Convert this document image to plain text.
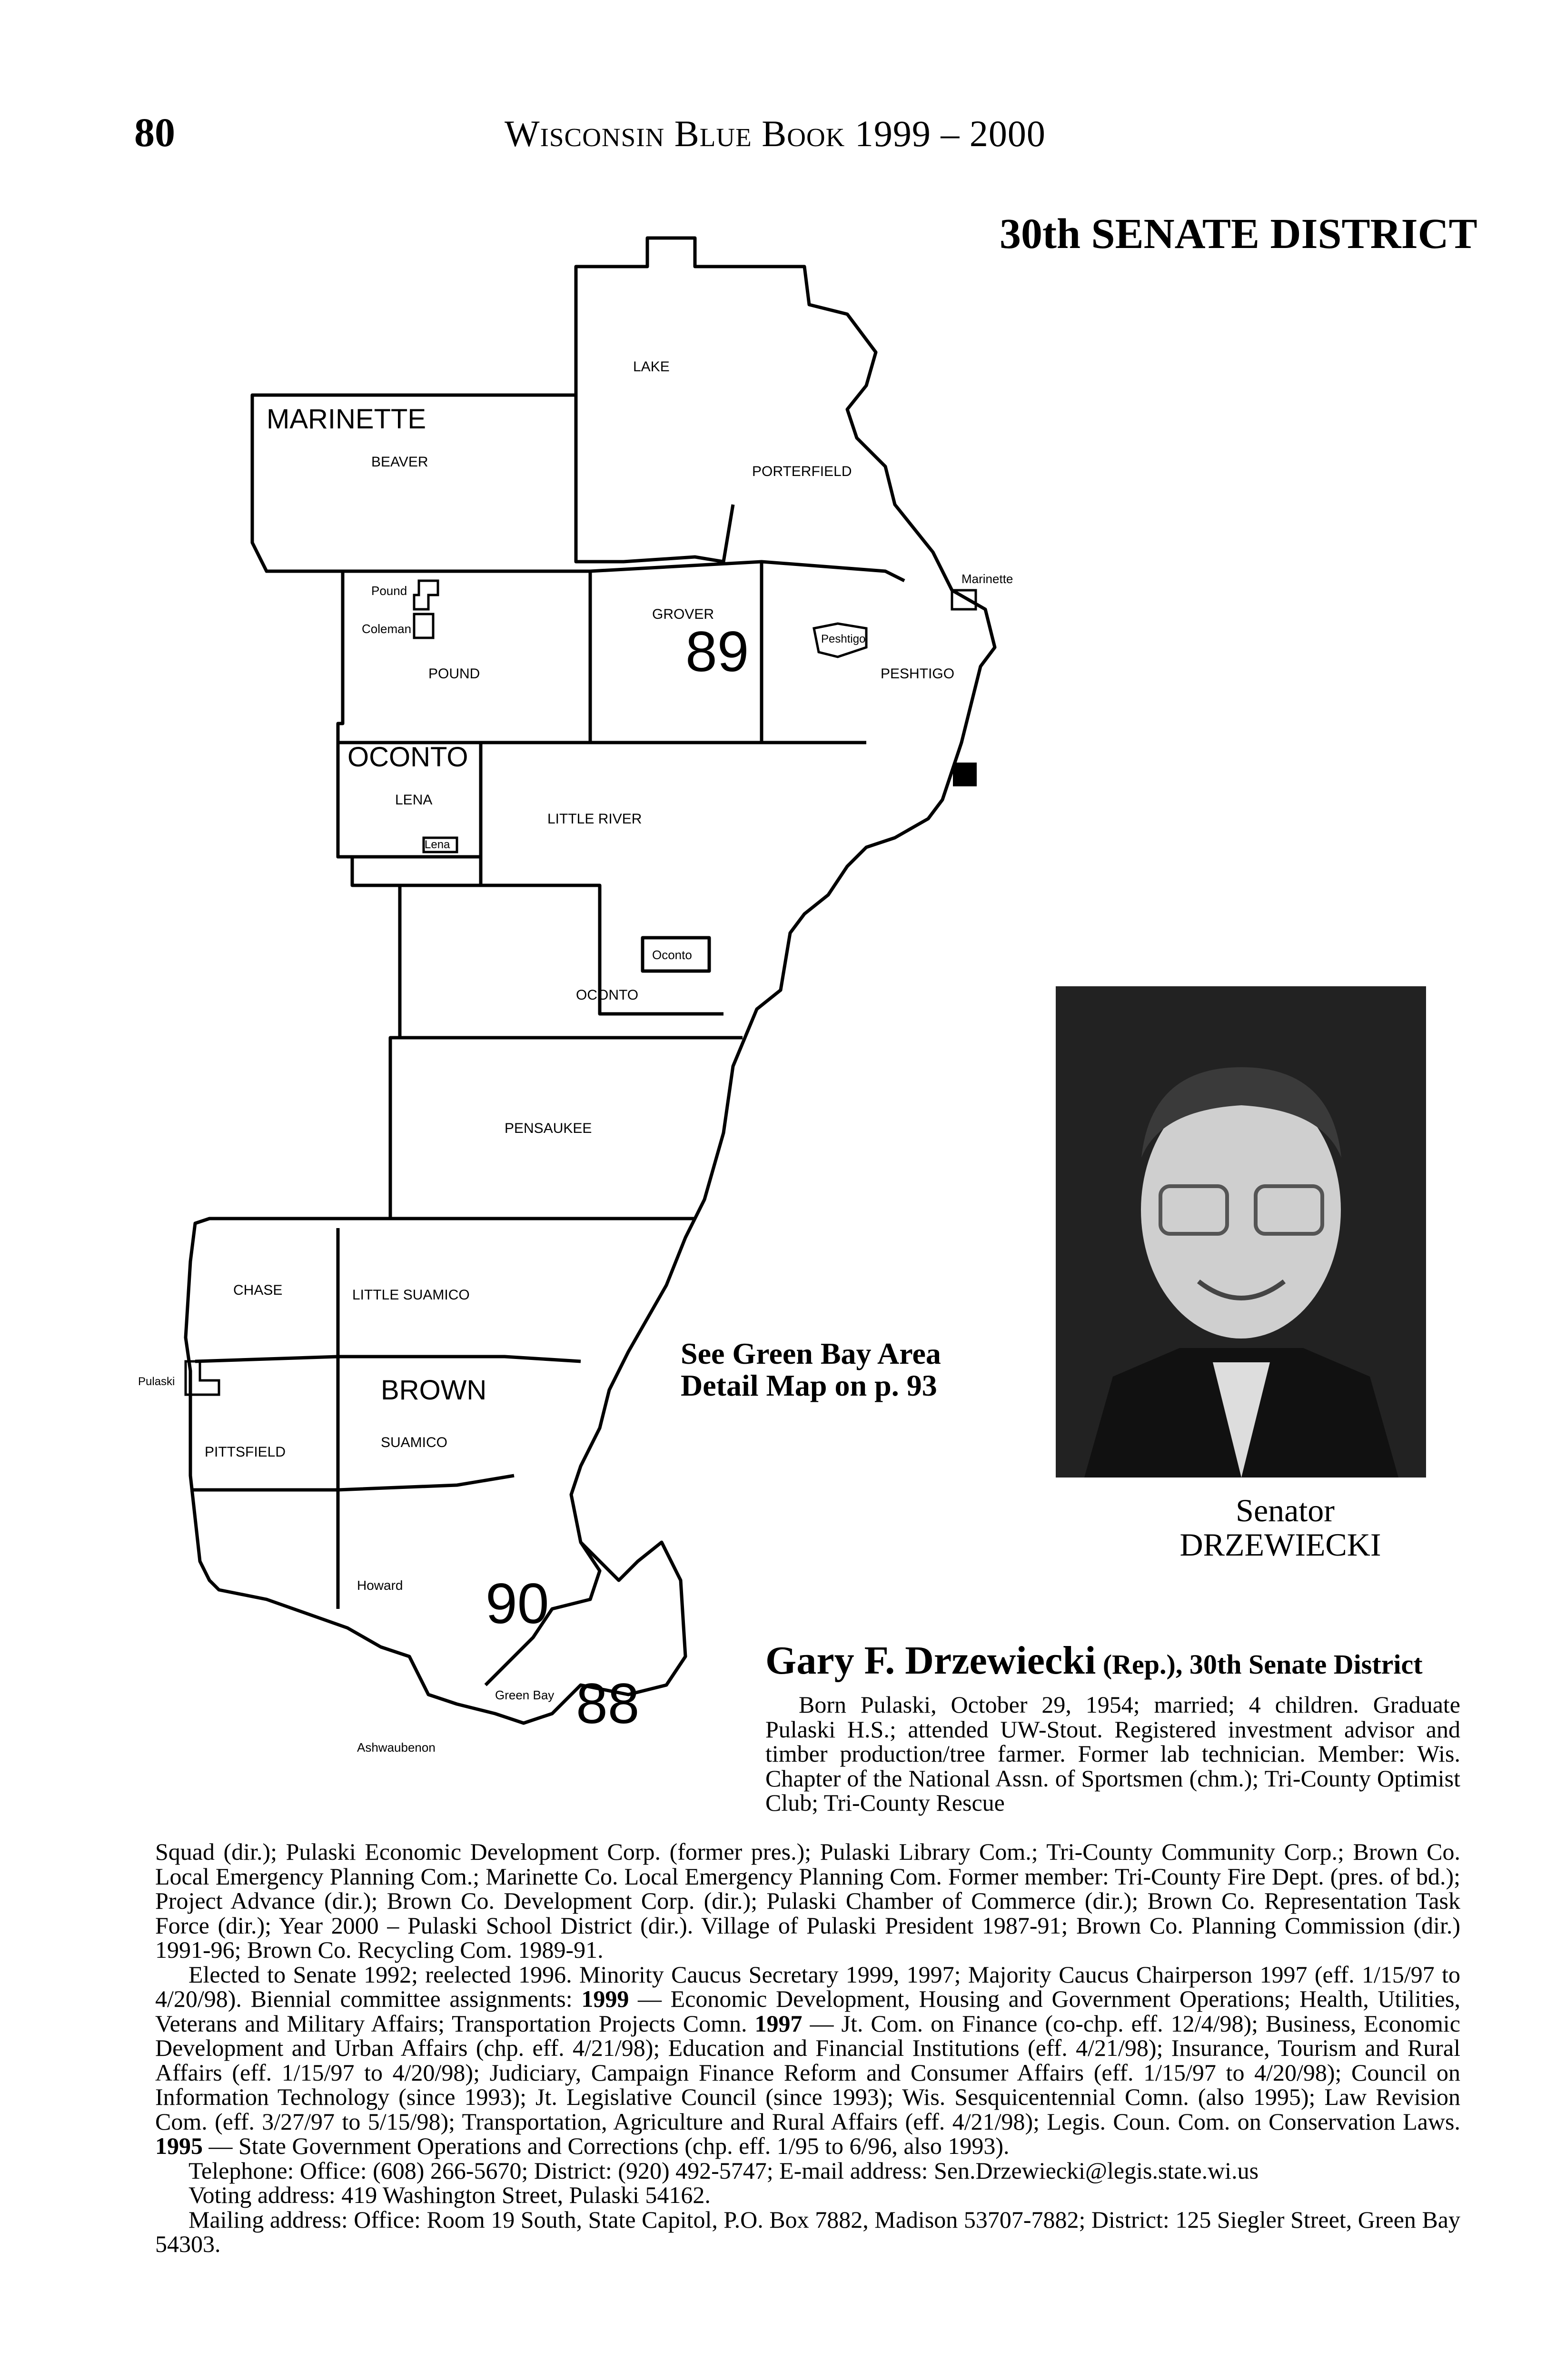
80	Wisconsin Blue Book 1999 – 2000
30th SENATE DISTRICT
MARINETTE
OCONTO
BROWN
LAKE
BEAVER
PORTERFIELD
GROVER
POUND	PESHTIGO
LENA
LITTLE RIVER
OCONTO
PENSAUKEE
CHASE	LITTLE SUAMICO
PITTSFIELD
SUAMICO
Pound
Coleman
Peshtigo
Marinette
Lena
Oconto
Pulaski
Howard
Green Bay
Ashwaubenon
89
90
88
See Green Bay Area
Detail Map on p. 93
Senator
DRZEWIECKI
Gary F. Drzewiecki (Rep.), 30th Senate District

Born Pulaski, October 29, 1954; married; 4 children. Graduate Pulaski H.S.; attended UW-Stout. Registered investment advisor and timber production/tree farmer. Former lab technician. Member: Wis. Chapter of the National Assn. of Sportsmen (chm.); Tri-County Optimist Club; Tri-County Rescue

Squad (dir.); Pulaski Economic Development Corp. (former pres.); Pulaski Library Com.; Tri-County Community Corp.; Brown Co. Local Emergency Planning Com.; Marinette Co. Local Emergency Planning Com. Former member: Tri-County Fire Dept. (pres. of bd.); Project Advance (dir.); Brown Co. Development Corp. (dir.); Pulaski Chamber of Commerce (dir.); Brown Co. Representation Task Force (dir.); Year 2000 – Pulaski School District (dir.). Village of Pulaski President 1987-91; Brown Co. Planning Commission (dir.) 1991-96; Brown Co. Recycling Com. 1989-91.

Elected to Senate 1992; reelected 1996. Minority Caucus Secretary 1999, 1997; Majority Caucus Chairperson 1997 (eff. 1/15/97 to 4/20/98). Biennial committee assignments: 1999 — Economic Development, Housing and Government Operations; Health, Utilities, Veterans and Military Affairs; Transportation Projects Comn. 1997 — Jt. Com. on Finance (co-chp. eff. 12/4/98); Business, Economic Development and Urban Affairs (chp. eff. 4/21/98); Education and Financial Institutions (eff. 4/21/98); Insurance, Tourism and Rural Affairs (eff. 1/15/97 to 4/20/98); Judiciary, Campaign Finance Reform and Consumer Affairs (eff. 1/15/97 to 4/20/98); Council on Information Technology (since 1993); Jt. Legislative Council (since 1993); Wis. Sesquicentennial Comn. (also 1995); Law Revision Com. (eff. 3/27/97 to 5/15/98); Transportation, Agriculture and Rural Affairs (eff. 4/21/98); Legis. Coun. Com. on Conservation Laws. 1995 — State Government Operations and Corrections (chp. eff. 1/95 to 6/96, also 1993).

Telephone: Office: (608) 266-5670; District: (920) 492-5747; E-mail address: Sen.Drzewiecki@legis.state.wi.us

Voting address: 419 Washington Street, Pulaski 54162.

Mailing address: Office: Room 19 South, State Capitol, P.O. Box 7882, Madison 53707-7882; District: 125 Siegler Street, Green Bay 54303.
